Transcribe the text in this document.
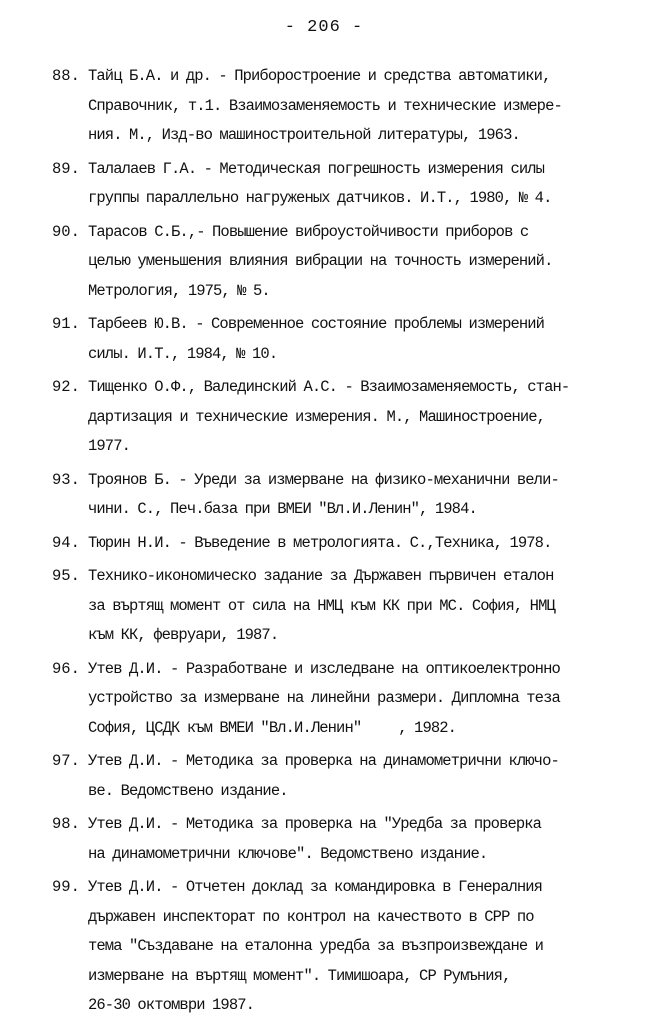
- 206 -
88. Тайц Б.А. и др. - Приборостроение и средства автоматики,
Справочник, т.1. Взаимозаменяемость и технические измере-
ния. М., Изд-во машиностроительной литературы, 1963.
89. Талалаев Г.А. - Методическая погрешность измерения силы
группы параллельно нагруженых датчиков. И.Т., 1980, № 4.
90. Тарасов С.Б.,- Повышение виброустойчивости приборов с
целью уменьшения влияния вибрации на точность измерений.
Метрология, 1975, № 5.
91. Тарбеев Ю.В. - Современное состояние проблемы измерений
силы. И.Т., 1984, № 10.
92. Тищенко О.Ф., Валединский А.С. - Взаимозаменяемость, стан-
дартизация и технические измерения. М., Машиностроение,
1977.
93. Троянов Б. - Уреди за измерване на физико-механични вели-
чини. С., Печ.база при ВМЕИ "Вл.И.Ленин", 1984.
94. Тюрин Н.И. - Въведение в метрологията. С.,Техника, 1978.
95. Технико-икономическо задание за Държавен първичен еталон
за въртящ момент от сила на НМЦ към КК при МС. София, НМЦ
към КК, февруари, 1987.
96. Утев Д.И. - Разработване и изследване на оптикоелектронно
устройство за измерване на линейни размери. Дипломна теза
София, ЦСДК към ВМЕИ "Вл.И.Ленин"     , 1982.
97. Утев Д.И. - Методика за проверка на динамометрични ключо-
ве. Ведомствено издание.
98. Утев Д.И. - Методика за проверка на "Уредба за проверка
на динамометрични ключове". Ведомствено издание.
99. Утев Д.И. - Отчетен доклад за командировка в Генералния
държавен инспекторат по контрол на качеството в СРР по
тема "Създаване на еталонна уредба за възпроизвеждане и
измерване на въртящ момент". Тимишоара, СР Румъния,
26-30 октомври 1987.
